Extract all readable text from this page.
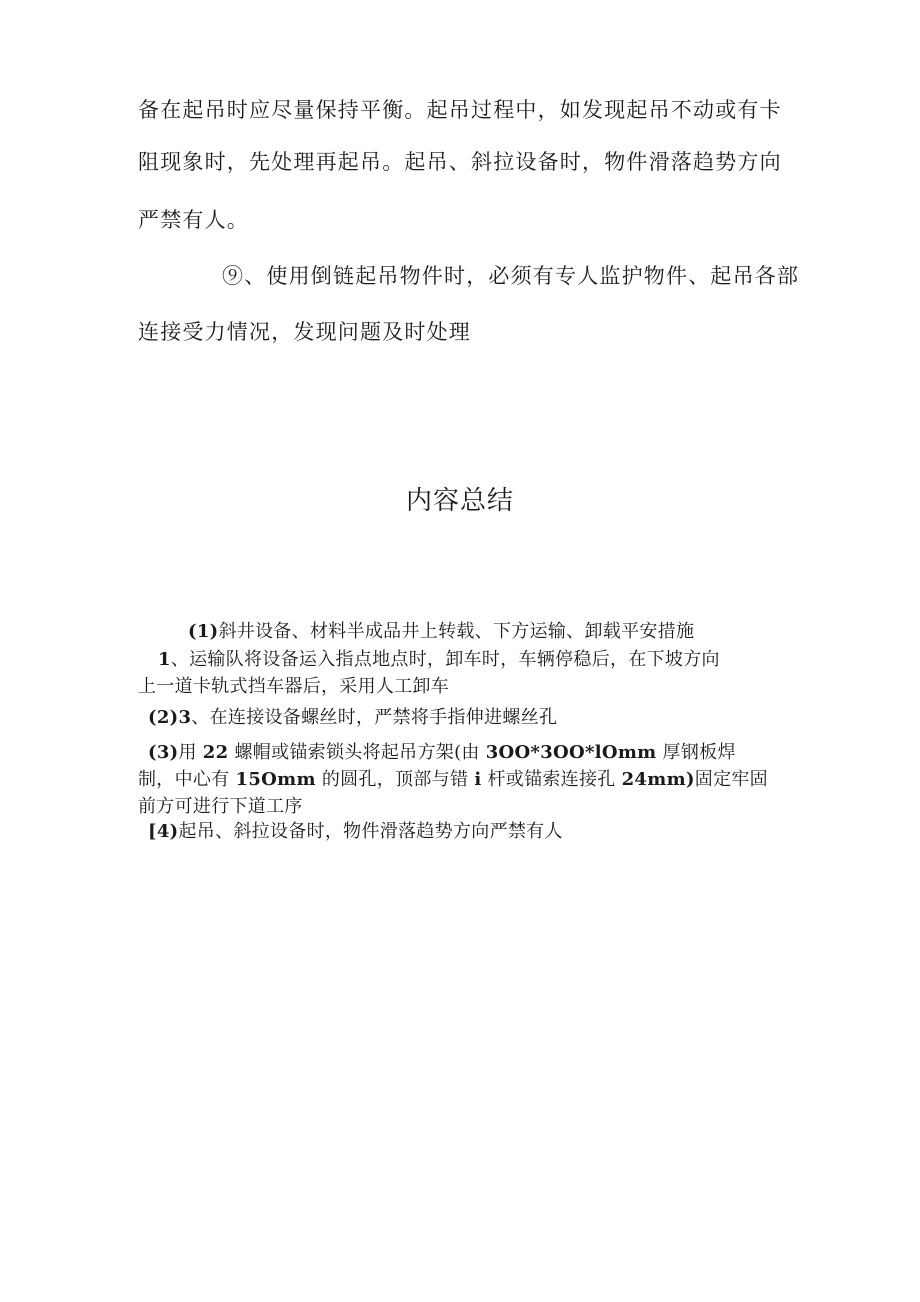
备在起吊时应尽量保持平衡。起吊过程中，如发现起吊不动或有卡

阻现象时，先处理再起吊。起吊、斜拉设备时，物件滑落趋势方向

严禁有人。

⑨、使用倒链起吊物件时，必须有专人监护物件、起吊各部

连接受力情况，发现问题及时处理

内容总结
(1)斜井设备、材料半成品井上转载、下方运输、卸载平安措施
1、运输队将设备运入指点地点时，卸车时，车辆停稳后，在下坡方向
上一道卡轨式挡车器后，采用人工卸车
(2)3、在连接设备螺丝时，严禁将手指伸进螺丝孔
(3)用 22 螺帽或锚索锁头将起吊方架(由 3OO*3OO*lOmm 厚钢板焊
制，中心有 15Omm 的圆孔，顶部与错 i 杆或锚索连接孔 24mm)固定牢固
前方可进行下道工序
[4)起吊、斜拉设备时，物件滑落趋势方向严禁有人
